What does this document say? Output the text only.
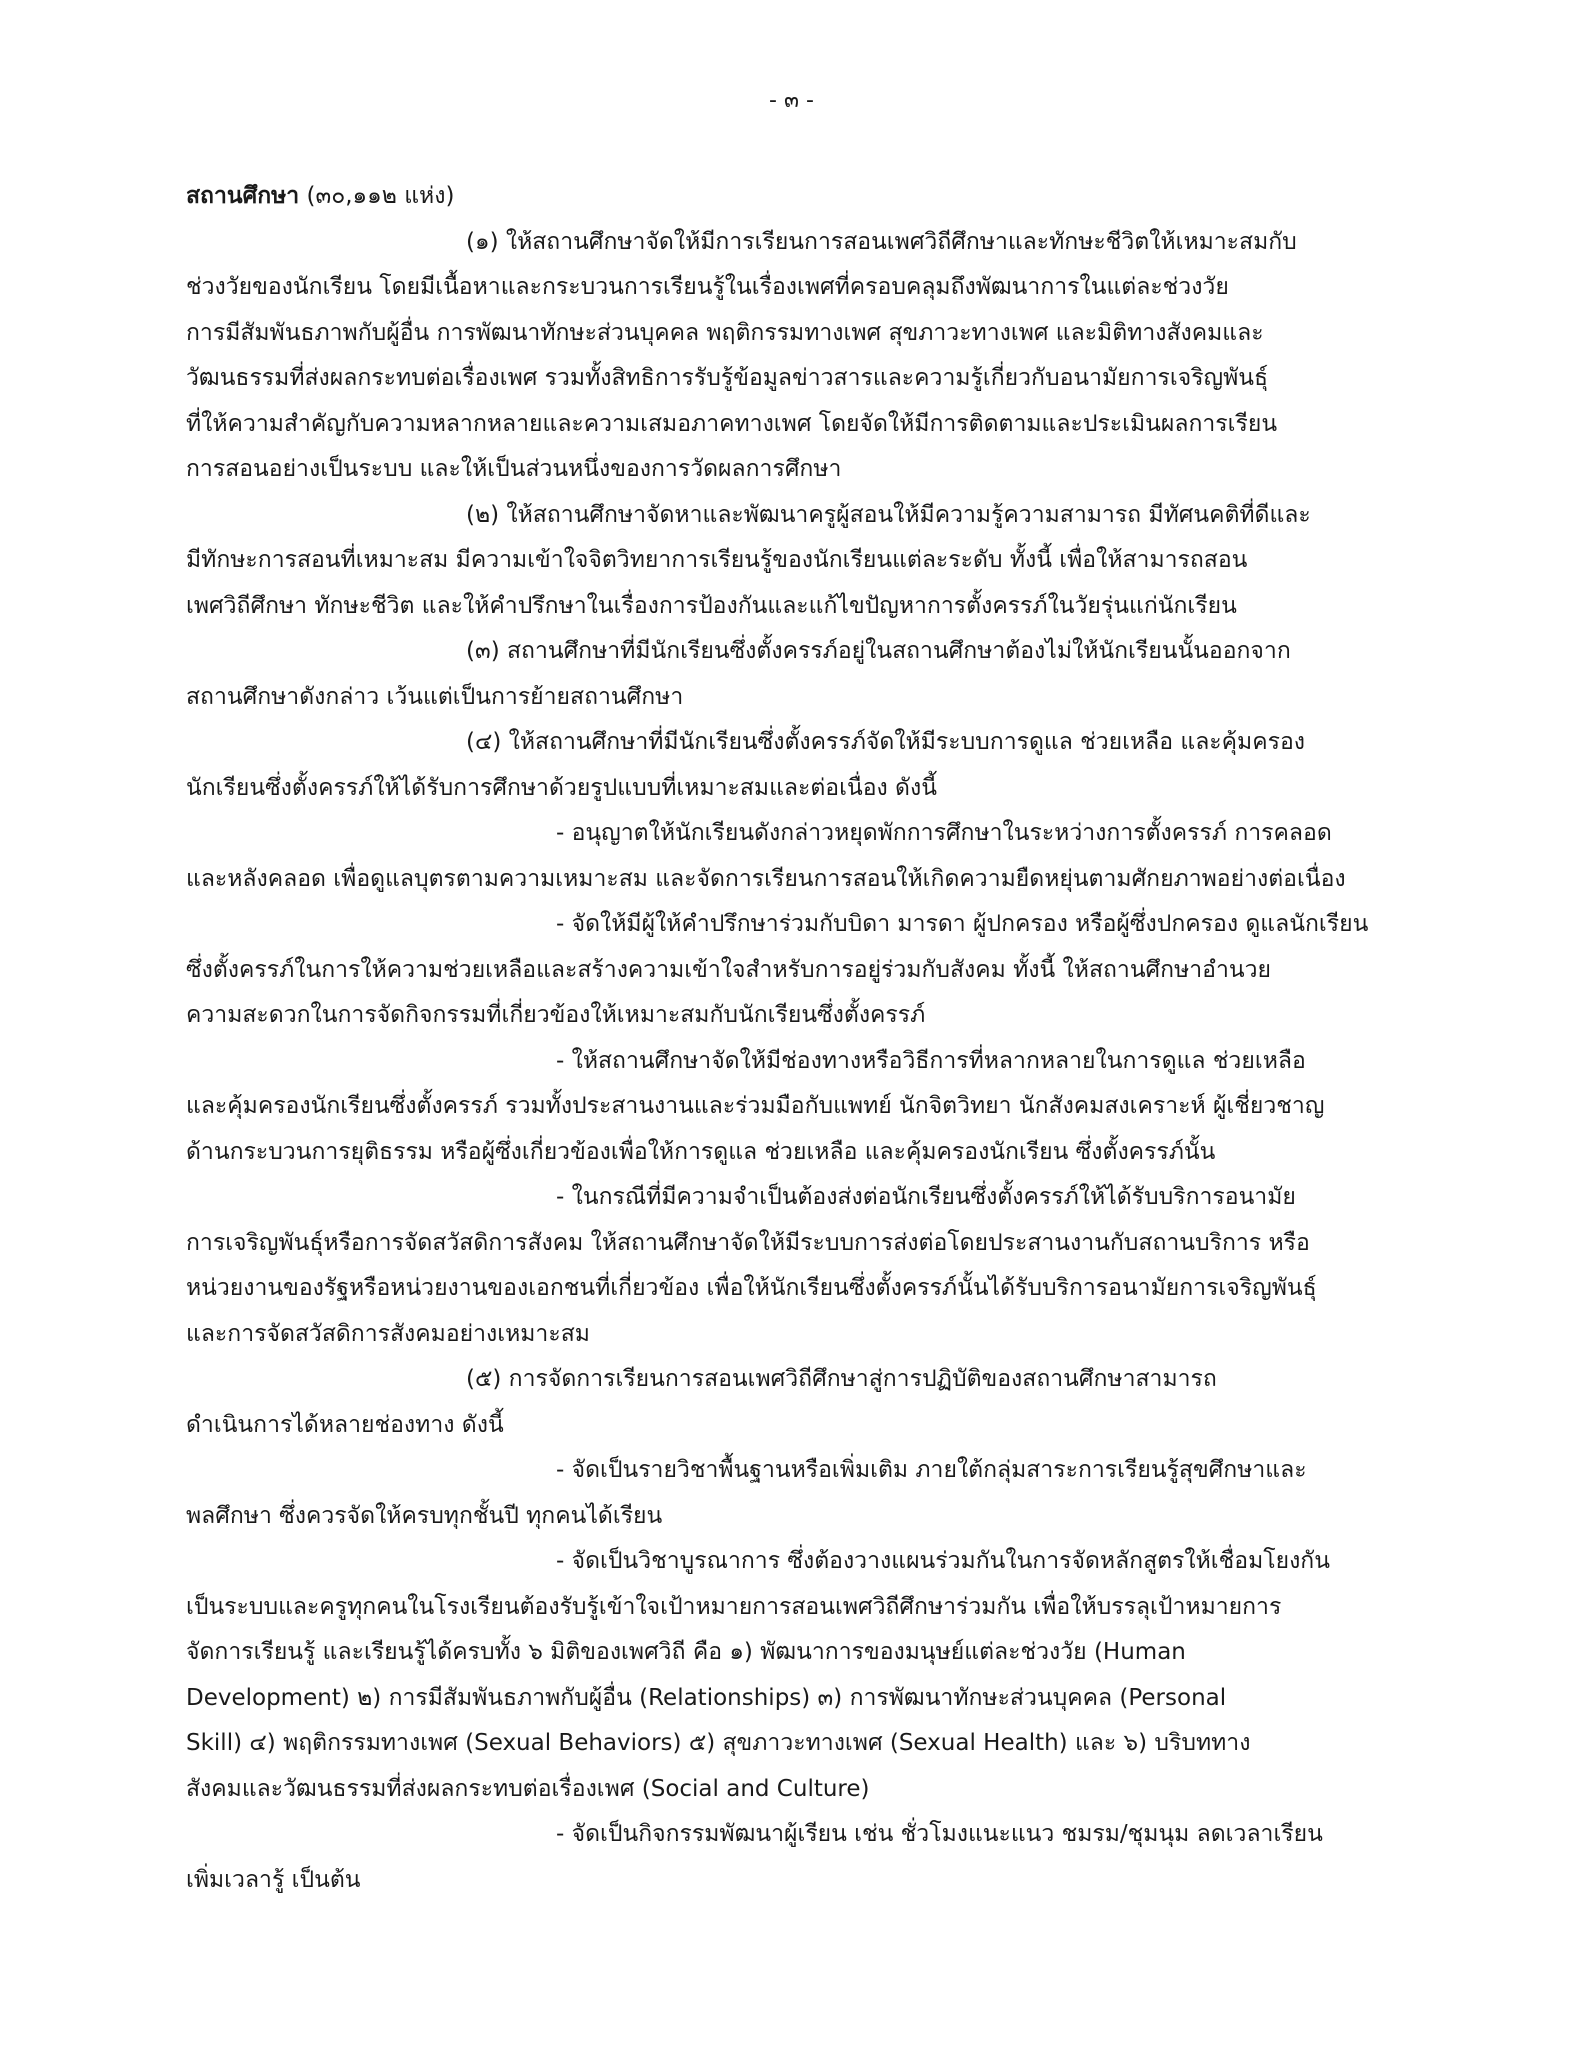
- ๓ -
สถานศึกษา (๓๐,๑๑๒ แห่ง)
(๑) ให้สถานศึกษาจัดให้มีการเรียนการสอนเพศวิถีศึกษาและทักษะชีวิตให้เหมาะสมกับ
ช่วงวัยของนักเรียน โดยมีเนื้อหาและกระบวนการเรียนรู้ในเรื่องเพศที่ครอบคลุมถึงพัฒนาการในแต่ละช่วงวัย
การมีสัมพันธภาพกับผู้อื่น การพัฒนาทักษะส่วนบุคคล พฤติกรรมทางเพศ สุขภาวะทางเพศ และมิติทางสังคมและ
วัฒนธรรมที่ส่งผลกระทบต่อเรื่องเพศ รวมทั้งสิทธิการรับรู้ข้อมูลข่าวสารและความรู้เกี่ยวกับอนามัยการเจริญพันธุ์
ที่ให้ความสำคัญกับความหลากหลายและความเสมอภาคทางเพศ โดยจัดให้มีการติดตามและประเมินผลการเรียน
การสอนอย่างเป็นระบบ และให้เป็นส่วนหนึ่งของการวัดผลการศึกษา
(๒) ให้สถานศึกษาจัดหาและพัฒนาครูผู้สอนให้มีความรู้ความสามารถ มีทัศนคติที่ดีและ
มีทักษะการสอนที่เหมาะสม มีความเข้าใจจิตวิทยาการเรียนรู้ของนักเรียนแต่ละระดับ ทั้งนี้ เพื่อให้สามารถสอน
เพศวิถีศึกษา ทักษะชีวิต และให้คำปรึกษาในเรื่องการป้องกันและแก้ไขปัญหาการตั้งครรภ์ในวัยรุ่นแก่นักเรียน
(๓) สถานศึกษาที่มีนักเรียนซึ่งตั้งครรภ์อยู่ในสถานศึกษาต้องไม่ให้นักเรียนนั้นออกจาก
สถานศึกษาดังกล่าว เว้นแต่เป็นการย้ายสถานศึกษา
(๔) ให้สถานศึกษาที่มีนักเรียนซึ่งตั้งครรภ์จัดให้มีระบบการดูแล ช่วยเหลือ และคุ้มครอง
นักเรียนซึ่งตั้งครรภ์ให้ได้รับการศึกษาด้วยรูปแบบที่เหมาะสมและต่อเนื่อง ดังนี้
- อนุญาตให้นักเรียนดังกล่าวหยุดพักการศึกษาในระหว่างการตั้งครรภ์ การคลอด
และหลังคลอด เพื่อดูแลบุตรตามความเหมาะสม และจัดการเรียนการสอนให้เกิดความยืดหยุ่นตามศักยภาพอย่างต่อเนื่อง
- จัดให้มีผู้ให้คำปรึกษาร่วมกับบิดา มารดา ผู้ปกครอง หรือผู้ซึ่งปกครอง ดูแลนักเรียน
ซึ่งตั้งครรภ์ในการให้ความช่วยเหลือและสร้างความเข้าใจสำหรับการอยู่ร่วมกับสังคม ทั้งนี้ ให้สถานศึกษาอำนวย
ความสะดวกในการจัดกิจกรรมที่เกี่ยวข้องให้เหมาะสมกับนักเรียนซึ่งตั้งครรภ์
- ให้สถานศึกษาจัดให้มีช่องทางหรือวิธีการที่หลากหลายในการดูแล ช่วยเหลือ
และคุ้มครองนักเรียนซึ่งตั้งครรภ์ รวมทั้งประสานงานและร่วมมือกับแพทย์ นักจิตวิทยา นักสังคมสงเคราะห์ ผู้เชี่ยวชาญ
ด้านกระบวนการยุติธรรม หรือผู้ซึ่งเกี่ยวข้องเพื่อให้การดูแล ช่วยเหลือ และคุ้มครองนักเรียน ซึ่งตั้งครรภ์นั้น
- ในกรณีที่มีความจำเป็นต้องส่งต่อนักเรียนซึ่งตั้งครรภ์ให้ได้รับบริการอนามัย
การเจริญพันธุ์หรือการจัดสวัสดิการสังคม ให้สถานศึกษาจัดให้มีระบบการส่งต่อโดยประสานงานกับสถานบริการ หรือ
หน่วยงานของรัฐหรือหน่วยงานของเอกชนที่เกี่ยวข้อง เพื่อให้นักเรียนซึ่งตั้งครรภ์นั้นได้รับบริการอนามัยการเจริญพันธุ์
และการจัดสวัสดิการสังคมอย่างเหมาะสม
(๕) การจัดการเรียนการสอนเพศวิถีศึกษาสู่การปฏิบัติของสถานศึกษาสามารถ
ดำเนินการได้หลายช่องทาง ดังนี้
- จัดเป็นรายวิชาพื้นฐานหรือเพิ่มเติม ภายใต้กลุ่มสาระการเรียนรู้สุขศึกษาและ
พลศึกษา ซึ่งควรจัดให้ครบทุกชั้นปี ทุกคนได้เรียน
- จัดเป็นวิชาบูรณาการ ซึ่งต้องวางแผนร่วมกันในการจัดหลักสูตรให้เชื่อมโยงกัน
เป็นระบบและครูทุกคนในโรงเรียนต้องรับรู้เข้าใจเป้าหมายการสอนเพศวิถีศึกษาร่วมกัน เพื่อให้บรรลุเป้าหมายการ
จัดการเรียนรู้ และเรียนรู้ได้ครบทั้ง ๖ มิติของเพศวิถี คือ ๑) พัฒนาการของมนุษย์แต่ละช่วงวัย (Human
Development) ๒) การมีสัมพันธภาพกับผู้อื่น (Relationships) ๓) การพัฒนาทักษะส่วนบุคคล (Personal
Skill) ๔) พฤติกรรมทางเพศ (Sexual Behaviors) ๕) สุขภาวะทางเพศ (Sexual Health) และ ๖) บริบททาง
สังคมและวัฒนธรรมที่ส่งผลกระทบต่อเรื่องเพศ (Social and Culture)
- จัดเป็นกิจกรรมพัฒนาผู้เรียน เช่น ชั่วโมงแนะแนว ชมรม/ชุมนุม ลดเวลาเรียน
เพิ่มเวลารู้ เป็นต้น
